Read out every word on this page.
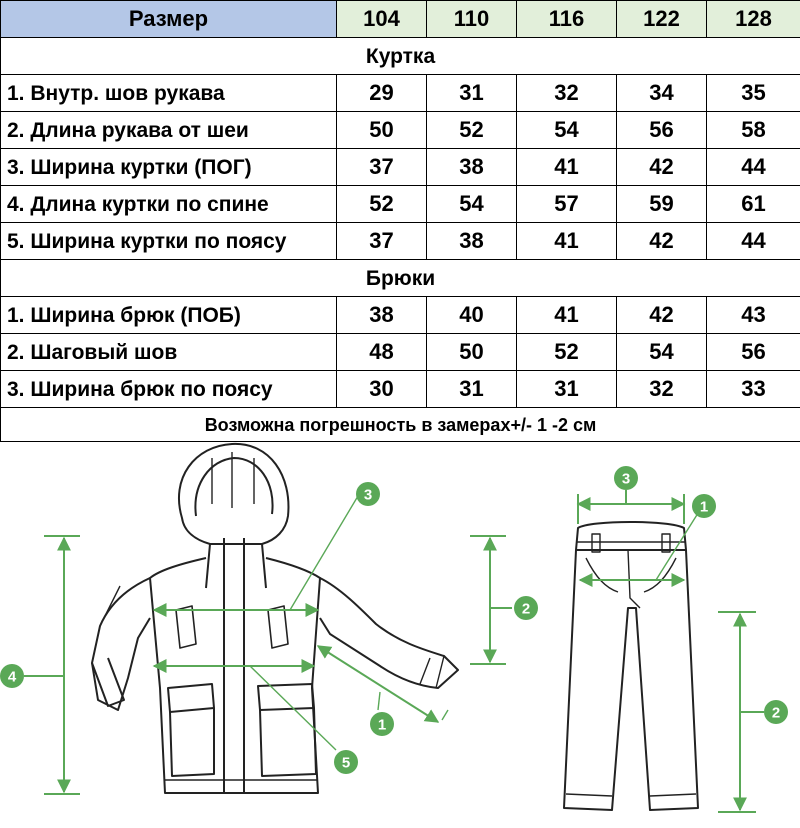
Размер	104	110	116	122	128
Куртка					
1. Внутр. шов рукава	29	31	32	34	35
2. Длина рукава от шеи	50	52	54	56	58
3. Ширина куртки (ПОГ)	37	38	41	42	44
4. Длина куртки по спине	52	54	57	59	61
5. Ширина куртки по поясу	37	38	41	42	44
Брюки					
1. Ширина брюк (ПОБ)	38	40	41	42	43
2. Шаговый шов	48	50	52	54	56
3. Ширина брюк по поясу	30	31	31	32	33
Возможна погрешность в замерах+/- 1 -2 см					
4
2
3
5
1
3
1
2
